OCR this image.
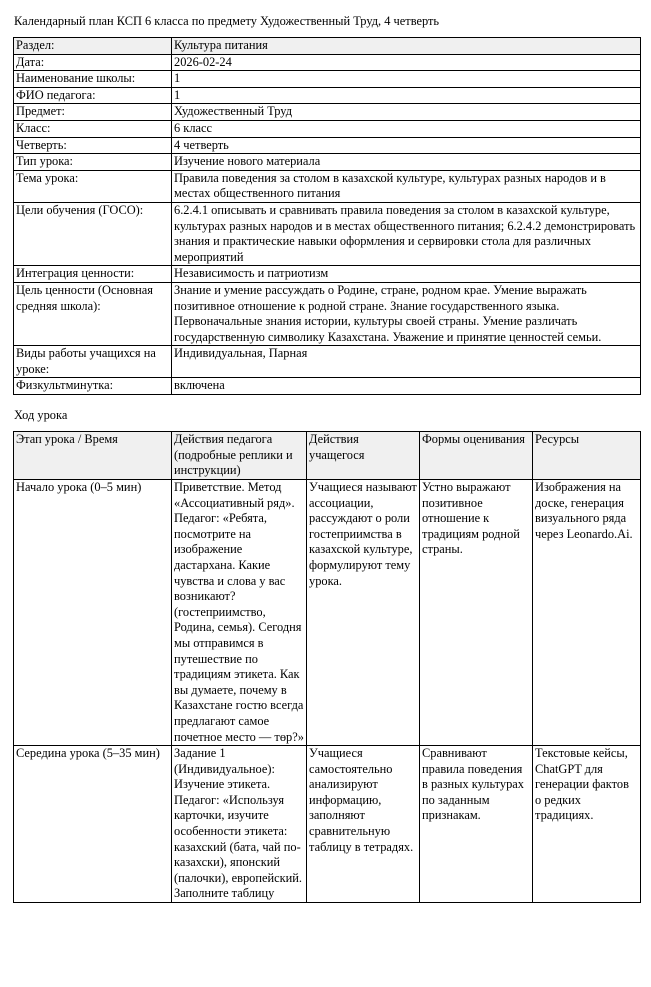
Календарный план КСП 6 класса по предмету Художественный Труд, 4 четверть
Раздел:	Культура питания
Дата:	2026-02-24
Наименование школы:	1
ФИО педагога:	1
Предмет:	Художественный Труд
Класс:	6 класс
Четверть:	4 четверть
Тип урока:	Изучение нового материала
Тема урока:	Правила поведения за столом в казахской культуре, культурах разных народов и в местах общественного питания
Цели обучения (ГОСО):	6.2.4.1 описывать и сравнивать правила поведения за столом в казахской культуре, культурах разных народов и в местах общественного питания; 6.2.4.2 демонстрировать знания и практические навыки оформления и сервировки стола для различных мероприятий
Интеграция ценности:	Независимость и патриотизм
Цель ценности (Основная средняя школа):	Знание и умение рассуждать о Родине, стране, родном крае. Умение выражать позитивное отношение к родной стране. Знание государственного языка. Первоначальные знания истории, культуры своей страны. Умение различать государственную символику Казахстана. Уважение и принятие ценностей семьи.
Виды работы учащихся на уроке:	Индивидуальная, Парная
Физкультминутка:	включена
Ход урока
Этап урока / Время	Действия педагога (подробные реплики и инструкции)	Действия учащегося	Формы оценивания	Ресурсы
Начало урока (0–5 мин)	Приветствие. Метод «Ассоциативный ряд». Педагог: «Ребята, посмотрите на изображение дастархана. Какие чувства и слова у вас возникают? (гостеприимство, Родина, семья). Сегодня мы отправимся в путешествие по традициям этикета. Как вы думаете, почему в Казахстане гостю всегда предлагают самое почетное место — төр?»	Учащиеся называют ассоциации, рассуждают о роли гостеприимства в казахской культуре, формулируют тему урока.	Устно выражают позитивное отношение к традициям родной страны.	Изображения на доске, генерация визуального ряда через Leonardo.Ai.
Середина урока (5–35 мин)	Задание 1 (Индивидуальное): Изучение этикета. Педагог: «Используя карточки, изучите особенности этикета: казахский (бата, чай по-казахски), японский (палочки), европейский. Заполните таблицу	Учащиеся самостоятельно анализируют информацию, заполняют сравнительную таблицу в тетрадях.	Сравнивают правила поведения в разных культурах по заданным признакам.	Текстовые кейсы, ChatGPT для генерации фактов о редких традициях.
